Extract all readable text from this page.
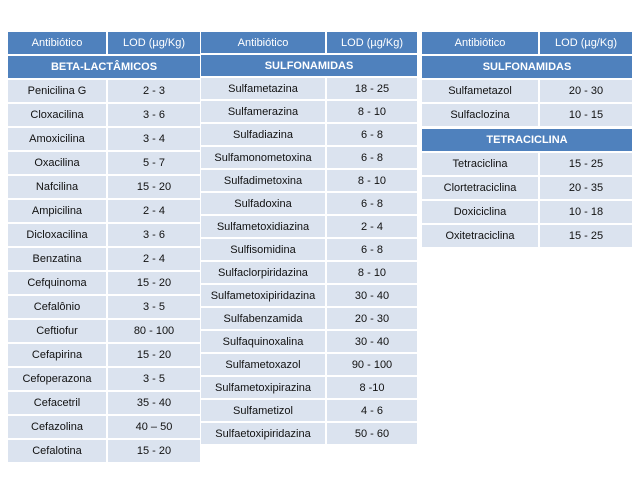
Antibiótico	LOD (µg/Kg)
BETA-LACTÂMICOS	
Penicilina G	2 - 3
Cloxacilina	3 - 6
Amoxicilina	3 - 4
Oxacilina	5 - 7
Nafcilina	15 - 20
Ampicilina	2 - 4
Dicloxacilina	3 - 6
Benzatina	2 - 4
Cefquinoma	15 - 20
Cefalônio	3 - 5
Ceftiofur	80 - 100
Cefapirina	15 - 20
Cefoperazona	3 - 5
Cefacetril	35 - 40
Cefazolina	40 – 50
Cefalotina	15 - 20
Antibiótico	LOD (µg/Kg)
SULFONAMIDAS	
Sulfametazina	18 - 25
Sulfamerazina	8 - 10
Sulfadiazina	6 - 8
Sulfamonometoxina	6 - 8
Sulfadimetoxina	8 - 10
Sulfadoxina	6 - 8
Sulfametoxidiazina	2 - 4
Sulfisomidina	6 - 8
Sulfaclorpiridazina	8 - 10
Sulfametoxipiridazina	30 - 40
Sulfabenzamida	20 - 30
Sulfaquinoxalina	30 - 40
Sulfametoxazol	90 - 100
Sulfametoxipirazina	8 -10
Sulfametizol	4 - 6
Sulfaetoxipiridazina	50 - 60
Antibiótico	LOD (µg/Kg)
SULFONAMIDAS	
Sulfametazol	20 - 30
Sulfaclozina	10 - 15
TETRACICLINA	
Tetraciclina	15 - 25
Clortetraciclina	20 - 35
Doxiciclina	10 - 18
Oxitetraciclina	15 - 25
